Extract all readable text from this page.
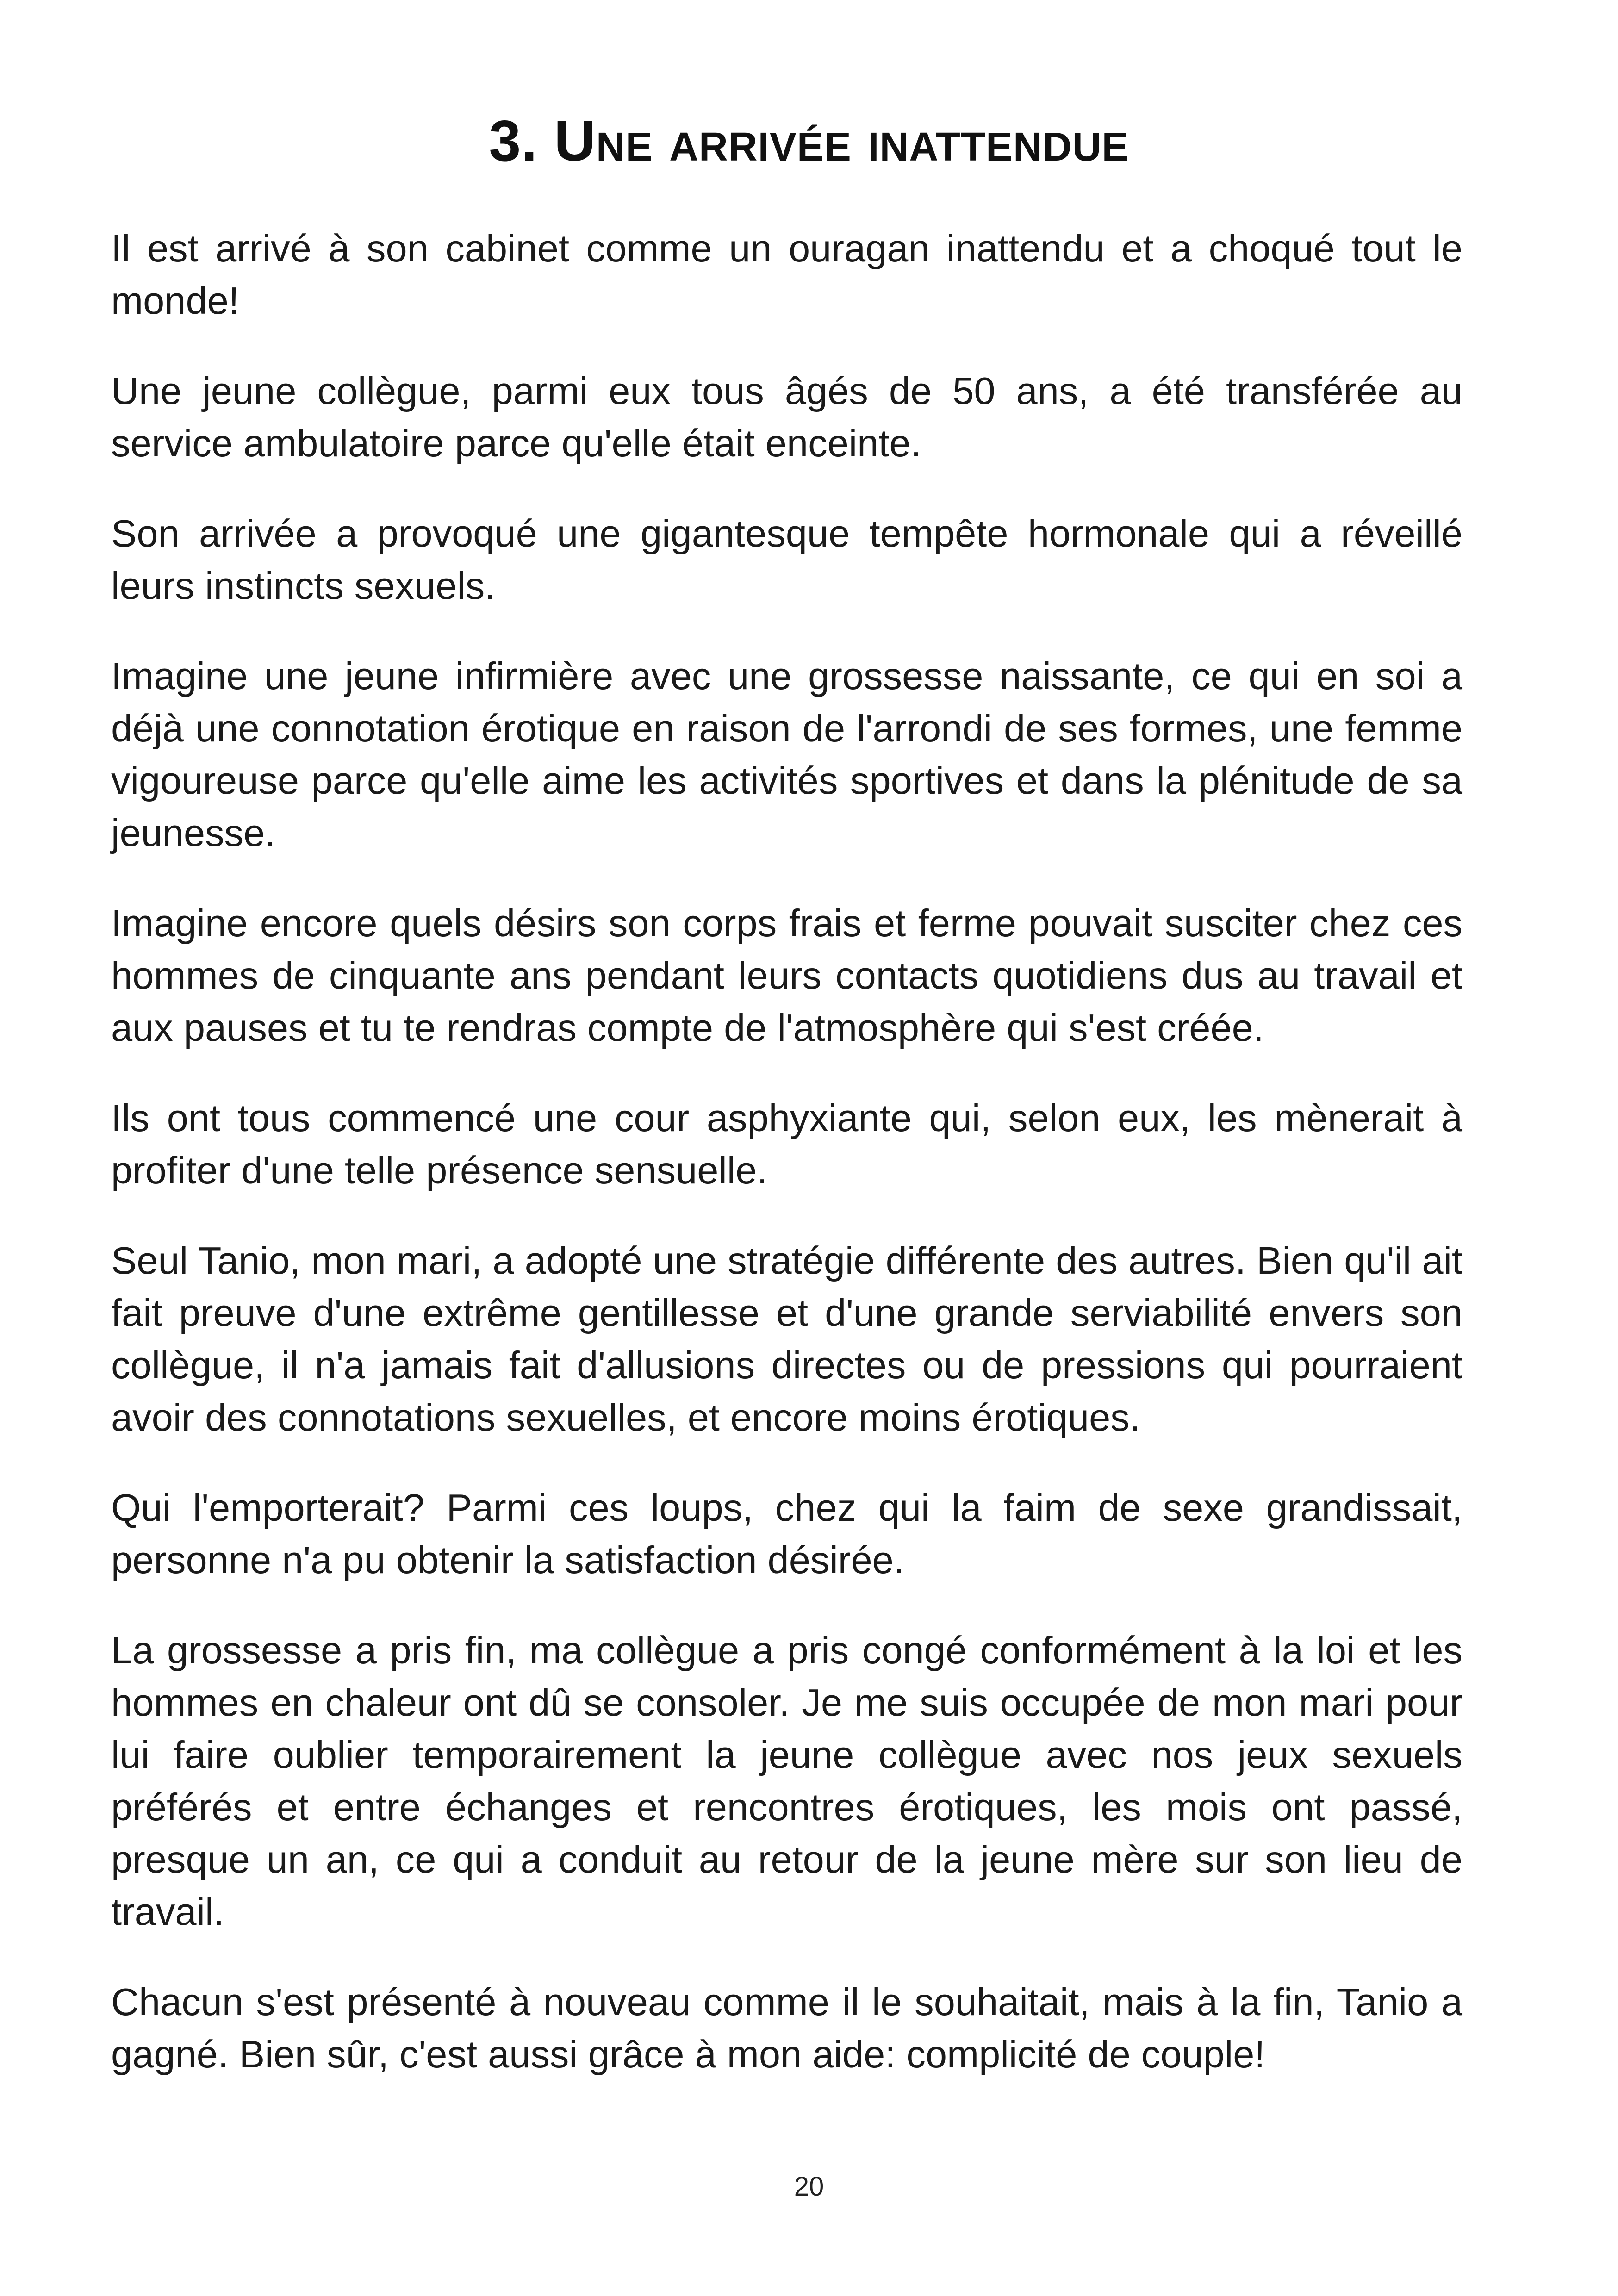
3. Une arrivée inattendue

Il est arrivé à son cabinet comme un ouragan inattendu et a choqué tout le monde!

Une jeune collègue, parmi eux tous âgés de 50 ans, a été transférée au service ambulatoire parce qu'elle était enceinte.

Son arrivée a provoqué une gigantesque tempête hormonale qui a réveillé leurs instincts sexuels.

Imagine une jeune infirmière avec une grossesse naissante, ce qui en soi a déjà une connotation érotique en raison de l'arrondi de ses formes, une femme vigoureuse parce qu'elle aime les activités sportives et dans la plénitude de sa jeunesse.

Imagine encore quels désirs son corps frais et ferme pouvait susciter chez ces hommes de cinquante ans pendant leurs contacts quotidiens dus au travail et aux pauses et tu te rendras compte de l'atmosphère qui s'est créée.

Ils ont tous commencé une cour asphyxiante qui, selon eux, les mènerait à profiter d'une telle présence sensuelle.

Seul Tanio, mon mari, a adopté une stratégie différente des autres. Bien qu'il ait fait preuve d'une extrême gentillesse et d'une grande serviabilité envers son collègue, il n'a jamais fait d'allusions directes ou de pressions qui pourraient avoir des connotations sexuelles, et encore moins érotiques.

Qui l'emporterait? Parmi ces loups, chez qui la faim de sexe grandissait, personne n'a pu obtenir la satisfaction désirée.

La grossesse a pris fin, ma collègue a pris congé conformément à la loi et les hommes en chaleur ont dû se consoler. Je me suis occupée de mon mari pour lui faire oublier temporairement la jeune collègue avec nos jeux sexuels préférés et entre échanges et rencontres érotiques, les mois ont passé, presque un an, ce qui a conduit au retour de la jeune mère sur son lieu de travail.

Chacun s'est présenté à nouveau comme il le souhaitait, mais à la fin, Tanio a gagné. Bien sûr, c'est aussi grâce à mon aide: complicité de couple!

20
